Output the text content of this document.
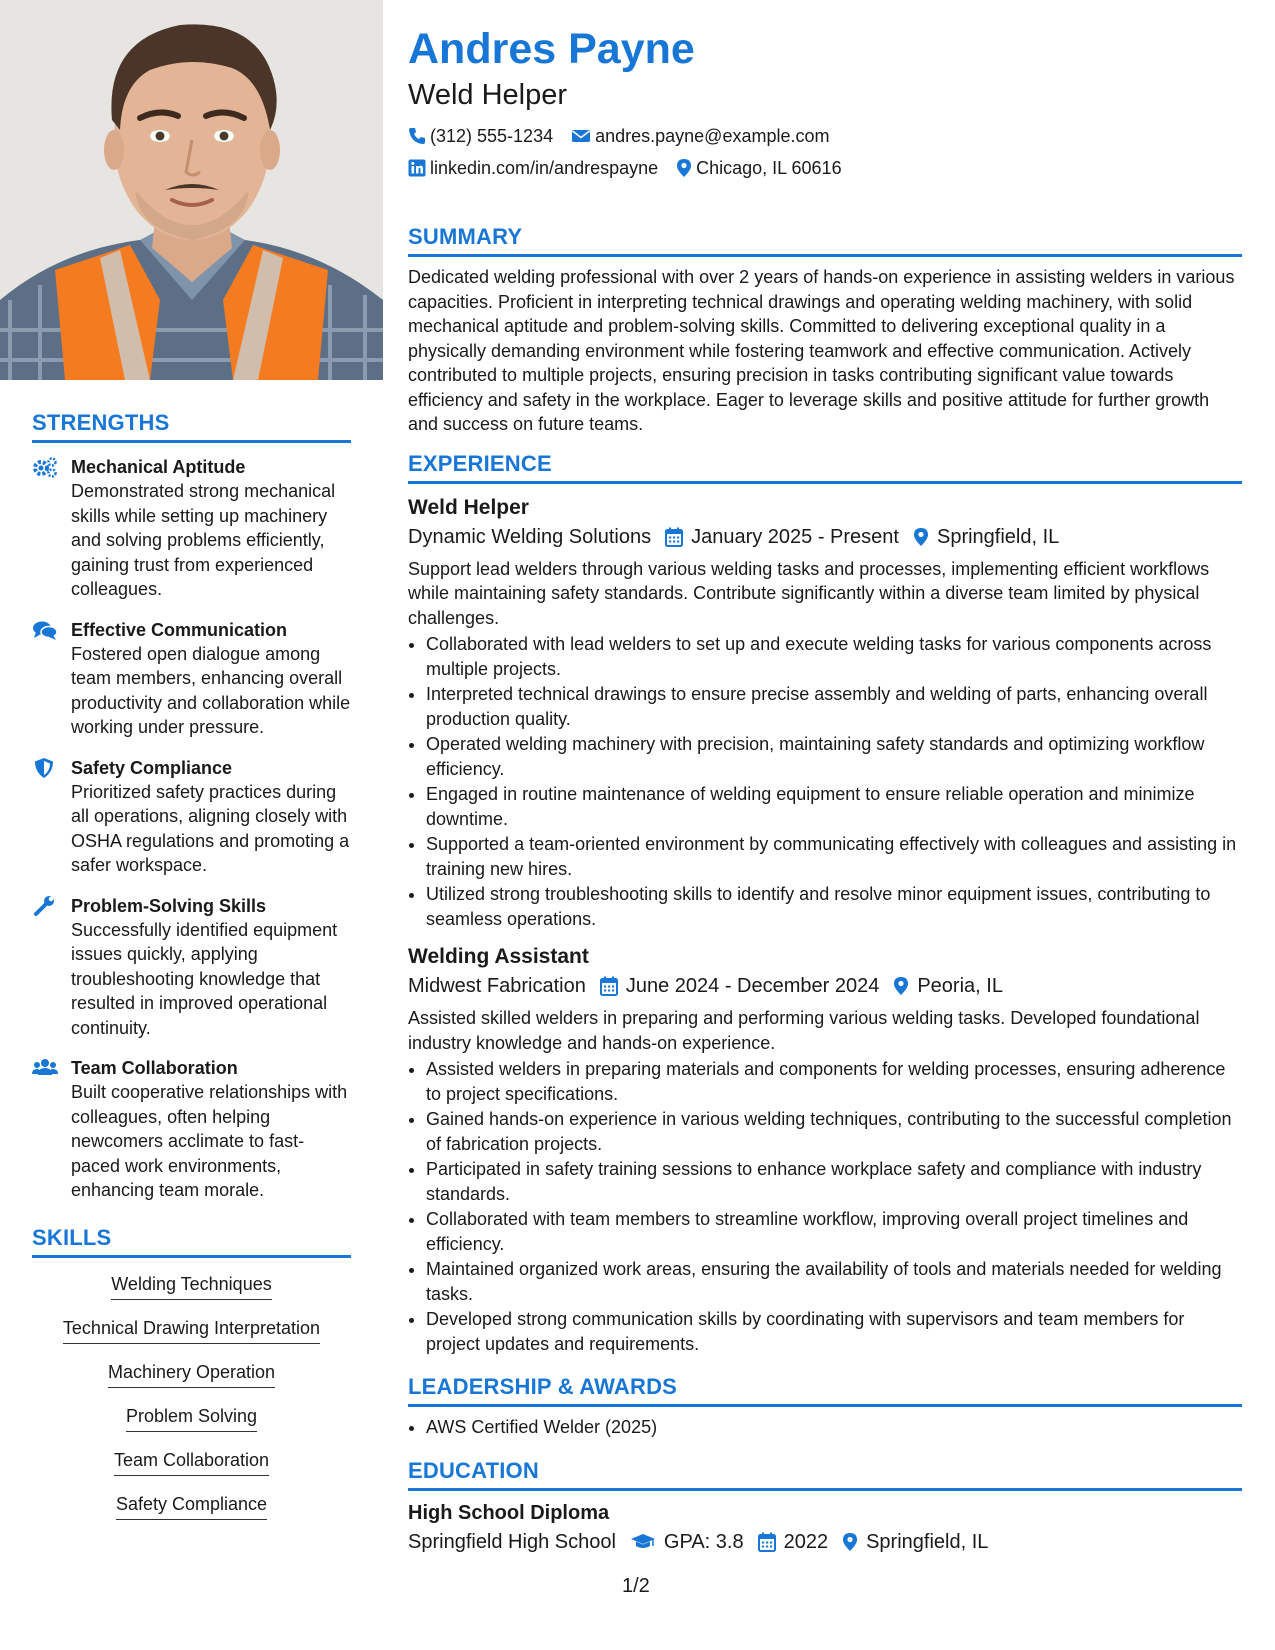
STRENGTHS
Mechanical Aptitude
Demonstrated strong mechanical skills while setting up machinery and solving problems efficiently, gaining trust from experienced colleagues.
Effective Communication
Fostered open dialogue among team members, enhancing overall productivity and collaboration while working under pressure.
Safety Compliance
Prioritized safety practices during all operations, aligning closely with OSHA regulations and promoting a safer workspace.
Problem-Solving Skills
Successfully identified equipment issues quickly, applying troubleshooting knowledge that resulted in improved operational continuity.
Team Collaboration
Built cooperative relationships with colleagues, often helping newcomers acclimate to fast-paced work environments, enhancing team morale.
SKILLS
Welding Techniques
Technical Drawing Interpretation
Machinery Operation
Problem Solving
Team Collaboration
Safety Compliance
Andres Payne
Weld Helper
(312) 555-1234 andres.payne@example.com
linkedin.com/in/andrespayne Chicago, IL 60616
SUMMARY
Dedicated welding professional with over 2 years of hands-on experience in assisting welders in various capacities. Proficient in interpreting technical drawings and operating welding machinery, with solid mechanical aptitude and problem-solving skills. Committed to delivering exceptional quality in a physically demanding environment while fostering teamwork and effective communication. Actively contributed to multiple projects, ensuring precision in tasks contributing significant value towards efficiency and safety in the workplace. Eager to leverage skills and positive attitude for further growth and success on future teams.
EXPERIENCE
Weld Helper
Dynamic Welding Solutions January 2025 - Present Springfield, IL
Support lead welders through various welding tasks and processes, implementing efficient workflows while maintaining safety standards. Contribute significantly within a diverse team limited by physical challenges.
• Collaborated with lead welders to set up and execute welding tasks for various components across multiple projects.
• Interpreted technical drawings to ensure precise assembly and welding of parts, enhancing overall production quality.
• Operated welding machinery with precision, maintaining safety standards and optimizing workflow efficiency.
• Engaged in routine maintenance of welding equipment to ensure reliable operation and minimize downtime.
• Supported a team-oriented environment by communicating effectively with colleagues and assisting in training new hires.
• Utilized strong troubleshooting skills to identify and resolve minor equipment issues, contributing to seamless operations.
Welding Assistant
Midwest Fabrication June 2024 - December 2024 Peoria, IL
Assisted skilled welders in preparing and performing various welding tasks. Developed foundational industry knowledge and hands-on experience.
• Assisted welders in preparing materials and components for welding processes, ensuring adherence to project specifications.
• Gained hands-on experience in various welding techniques, contributing to the successful completion of fabrication projects.
• Participated in safety training sessions to enhance workplace safety and compliance with industry standards.
• Collaborated with team members to streamline workflow, improving overall project timelines and efficiency.
• Maintained organized work areas, ensuring the availability of tools and materials needed for welding tasks.
• Developed strong communication skills by coordinating with supervisors and team members for project updates and requirements.
LEADERSHIP & AWARDS
• AWS Certified Welder (2025)
EDUCATION
High School Diploma
Springfield High School GPA: 3.8 2022 Springfield, IL
1/2
